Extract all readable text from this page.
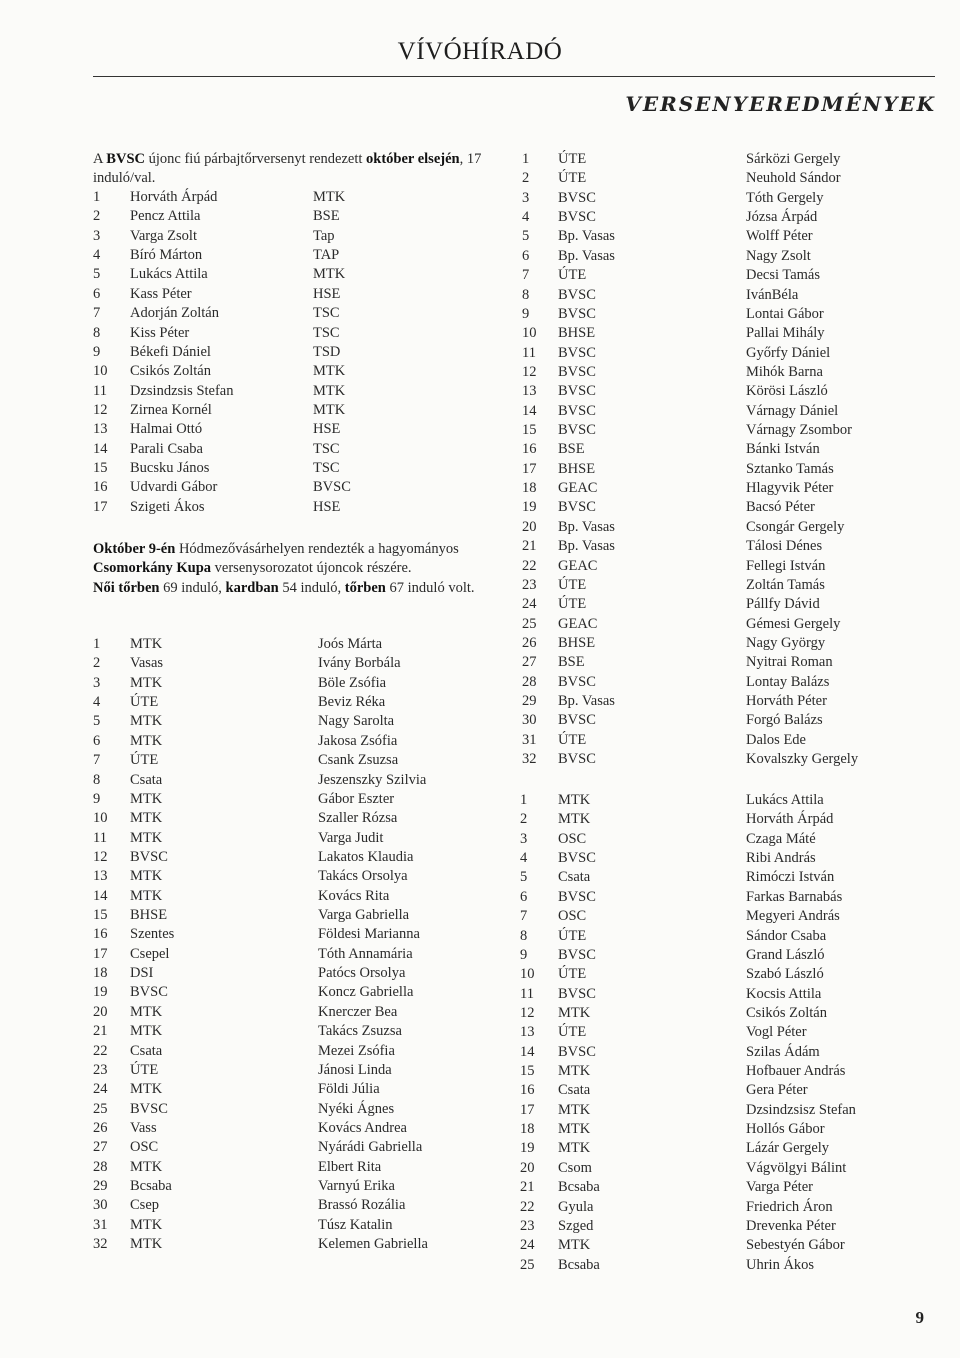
VÍVÓHÍRADÓ
VERSENYEREDMÉNYEK
A BVSC újonc fiú párbajtőrversenyt rendezett október elsején, 17 induló/val.
1 Horváth Árpád	MTK
2 Pencz Attila	BSE
3 Varga Zsolt	Tap
4 Bíró Márton	TAP
5 Lukács Attila	MTK
6 Kass Péter	HSE
7 Adorján Zoltán	TSC
8 Kiss Péter	TSC
9 Békefi Dániel	TSD
10 Csikós Zoltán	MTK
11 Dzsindzsis Stefan	MTK
12 Zirnea Kornél	MTK
13 Halmai Ottó	HSE
14 Parali Csaba	TSC
15 Bucsku János	TSC
16 Udvardi Gábor	BVSC
17 Szigeti Ákos	HSE
Október 9-én Hódmezővásárhelyen rendezték a hagyományos Csomorkány Kupa versenysorozatot újoncok részére.
Női tőrben 69 induló, kardban 54 induló, tőrben 67 induló volt.
1 MTK	Joós Márta
2 Vasas	Ivány Borbála
3 MTK	Böle Zsófia
4 ÚTE	Beviz Réka
5 MTK	Nagy Sarolta
6 MTK	Jakosa Zsófia
7 ÚTE	Csank Zsuzsa
8 Csata	Jeszenszky Szilvia
9 MTK	Gábor Eszter
10 MTK	Szaller Rózsa
11 MTK	Varga Judit
12 BVSC	Lakatos Klaudia
13 MTK	Takács Orsolya
14 MTK	Kovács Rita
15 BHSE	Varga Gabriella
16 Szentes	Földesi Marianna
17 Csepel	Tóth Annamária
18 DSI	Patócs Orsolya
19 BVSC	Koncz Gabriella
20 MTK	Knerczer Bea
21 MTK	Takács Zsuzsa
22 Csata	Mezei Zsófia
23 ÚTE	Jánosi Linda
24 MTK	Földi Júlia
25 BVSC	Nyéki Ágnes
26 Vass	Kovács Andrea
27 OSC	Nyárádi Gabriella
28 MTK	Elbert Rita
29 Bcsaba	Varnyú Erika
30 Csep	Brassó Rozália
31 MTK	Túsz Katalin
32 MTK	Kelemen Gabriella
1 ÚTE	Sárközi Gergely
2 ÚTE	Neuhold Sándor
3 BVSC	Tóth Gergely
4 BVSC	Józsa Árpád
5 Bp. Vasas	Wolff Péter
6 Bp. Vasas	Nagy Zsolt
7 ÚTE	Decsi Tamás
8 BVSC	IvánBéla
9 BVSC	Lontai Gábor
10 BHSE	Pallai Mihály
11 BVSC	Győrfy Dániel
12 BVSC	Mihók Barna
13 BVSC	Körösi László
14 BVSC	Várnagy Dániel
15 BVSC	Várnagy Zsombor
16 BSE	Bánki István
17 BHSE	Sztanko Tamás
18 GEAC	Hlagyvik Péter
19 BVSC	Bacsó Péter
20 Bp. Vasas	Csongár Gergely
21 Bp. Vasas	Tálosi Dénes
22 GEAC	Fellegi István
23 ÚTE	Zoltán Tamás
24 ÚTE	Pállfy Dávid
25 GEAC	Gémesi Gergely
26 BHSE	Nagy György
27 BSE	Nyitrai Roman
28 BVSC	Lontay Balázs
29 Bp. Vasas	Horváth Péter
30 BVSC	Forgó Balázs
31 ÚTE	Dalos Ede
32 BVSC	Kovalszky Gergely
1 MTK	Lukács Attila
2 MTK	Horváth Árpád
3 OSC	Czaga Máté
4 BVSC	Ribi András
5 Csata	Rimóczi István
6 BVSC	Farkas Barnabás
7 OSC	Megyeri András
8 ÚTE	Sándor Csaba
9 BVSC	Grand László
10 ÚTE	Szabó László
11 BVSC	Kocsis Attila
12 MTK	Csikós Zoltán
13 ÚTE	Vogl Péter
14 BVSC	Szilas Ádám
15 MTK	Hofbauer András
16 Csata	Gera Péter
17 MTK	Dzsindzsisz Stefan
18 MTK	Hollós Gábor
19 MTK	Lázár Gergely
20 Csom	Vágvölgyi Bálint
21 Bcsaba	Varga Péter
22 Gyula	Friedrich Áron
23 Szged	Drevenka Péter
24 MTK	Sebestyén Gábor
25 Bcsaba	Uhrin Ákos
9
